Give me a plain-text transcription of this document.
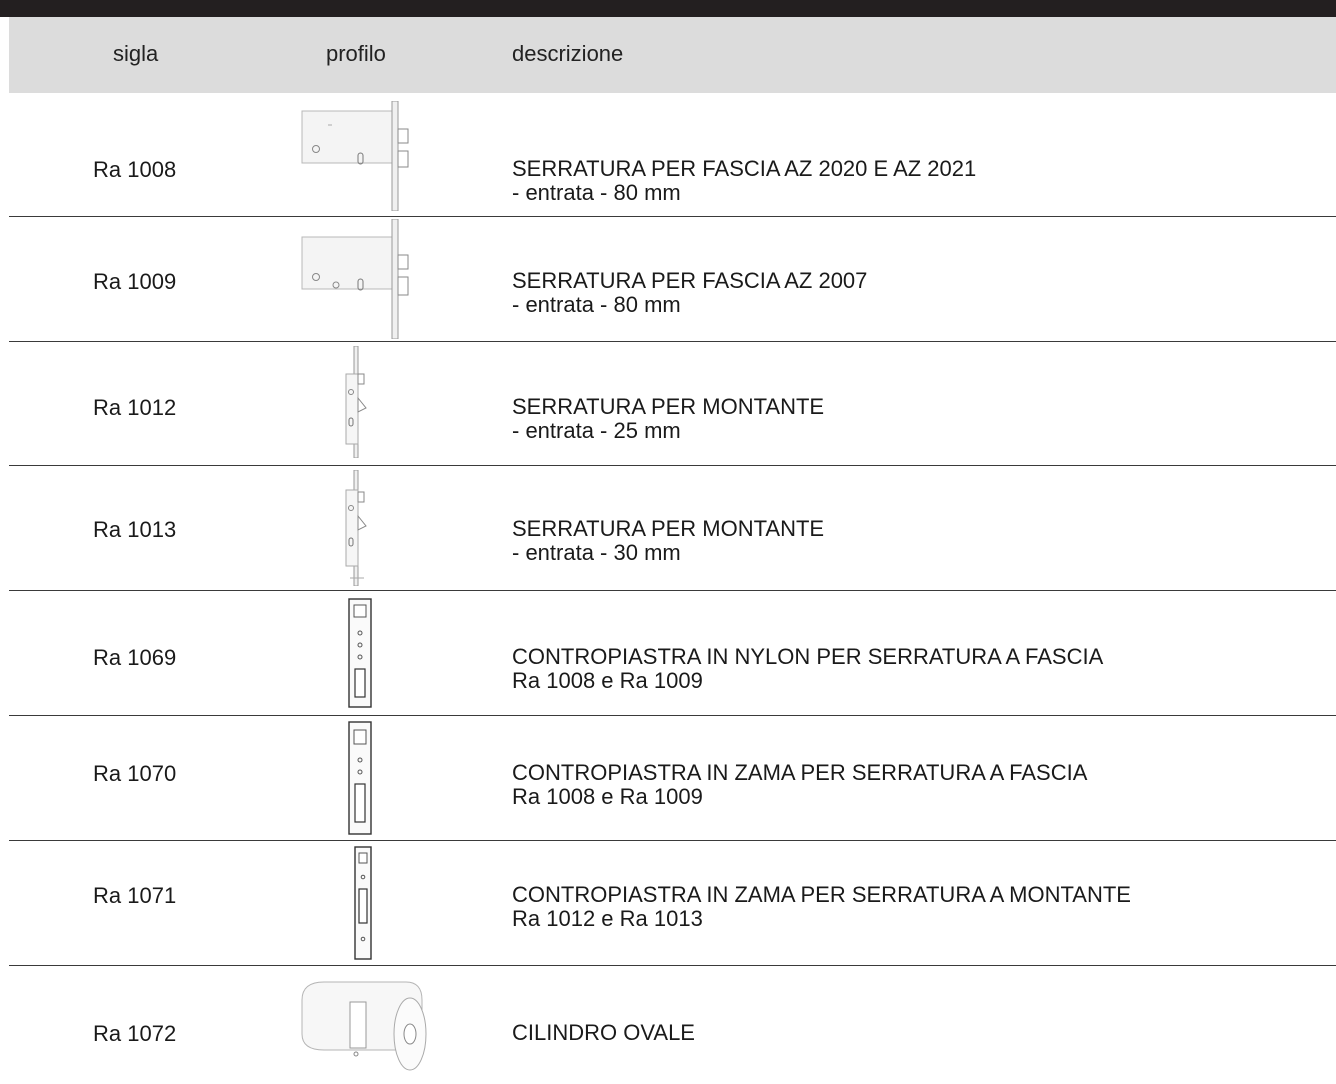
sigla	profilo	descrizione
Ra 1008	SERRATURA PER FASCIA AZ 2020 E AZ 2021
- entrata - 80 mm
Ra 1009	SERRATURA PER FASCIA AZ 2007
- entrata - 80 mm
Ra 1012	SERRATURA PER MONTANTE
- entrata - 25 mm
Ra 1013	SERRATURA PER MONTANTE
- entrata - 30 mm
Ra 1069	CONTROPIASTRA IN NYLON PER SERRATURA A FASCIA
Ra 1008 e Ra 1009
Ra 1070	CONTROPIASTRA IN ZAMA PER SERRATURA A FASCIA
Ra 1008 e Ra 1009
Ra 1071	CONTROPIASTRA IN ZAMA PER SERRATURA A MONTANTE
Ra 1012 e Ra 1013
Ra 1072	CILINDRO OVALE
